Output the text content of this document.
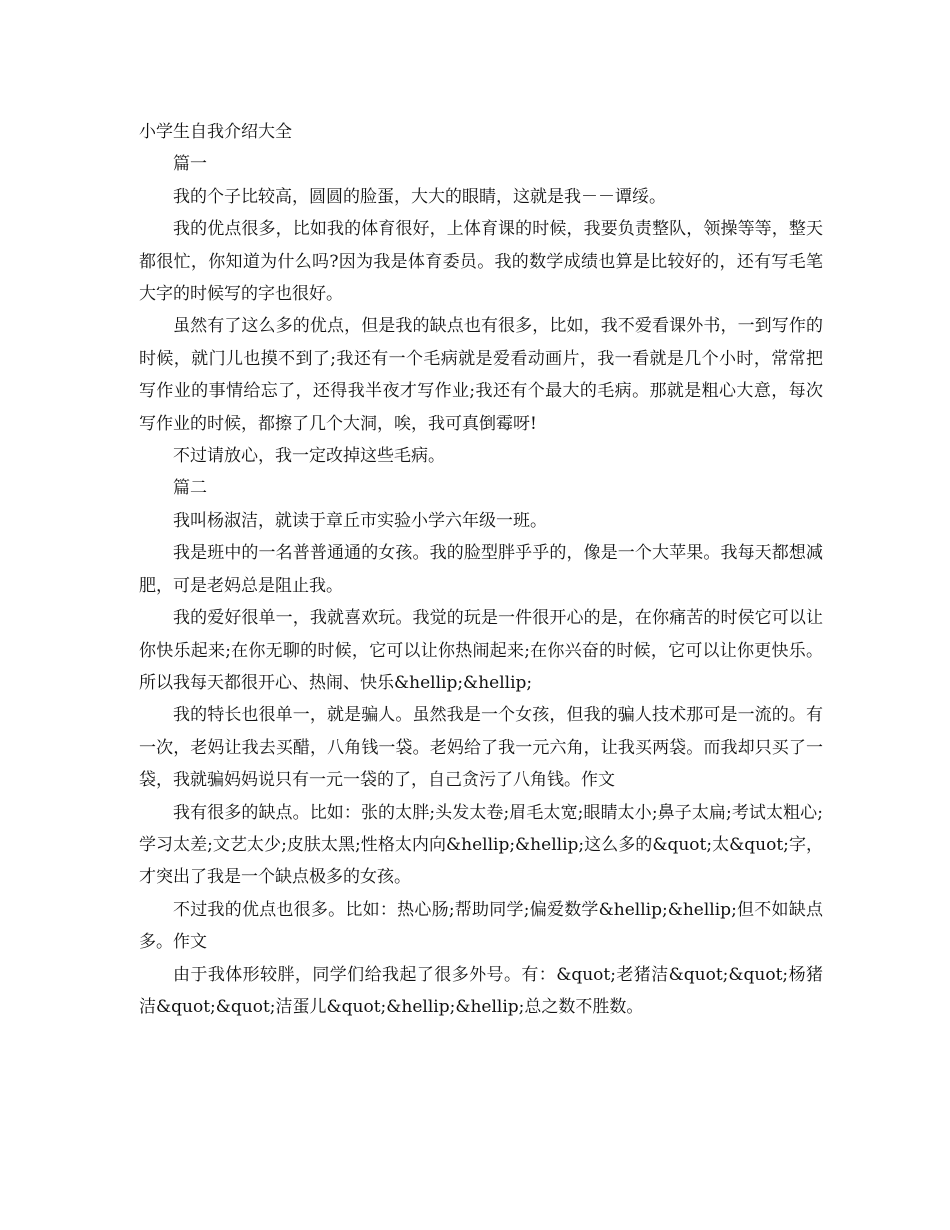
小学生自我介绍大全

篇一

我的个子比较高，圆圆的脸蛋，大大的眼睛，这就是我－－谭绥。

我的优点很多，比如我的体育很好，上体育课的时候，我要负责整队，领操等等，整天都很忙，你知道为什么吗?因为我是体育委员。我的数学成绩也算是比较好的，还有写毛笔大字的时候写的字也很好。

虽然有了这么多的优点，但是我的缺点也有很多，比如，我不爱看课外书，一到写作的时候，就门儿也摸不到了;我还有一个毛病就是爱看动画片，我一看就是几个小时，常常把写作业的事情给忘了，还得我半夜才写作业;我还有个最大的毛病。那就是粗心大意，每次写作业的时候，都擦了几个大洞，唉，我可真倒霉呀!

不过请放心，我一定改掉这些毛病。

篇二

我叫杨淑洁，就读于章丘市实验小学六年级一班。

我是班中的一名普普通通的女孩。我的脸型胖乎乎的，像是一个大苹果。我每天都想减肥，可是老妈总是阻止我。

我的爱好很单一，我就喜欢玩。我觉的玩是一件很开心的是，在你痛苦的时侯它可以让你快乐起来;在你无聊的时候，它可以让你热闹起来;在你兴奋的时候，它可以让你更快乐。所以我每天都很开心、热闹、快乐&hellip;&hellip;

我的特长也很单一，就是骗人。虽然我是一个女孩，但我的骗人技术那可是一流的。有一次，老妈让我去买醋，八角钱一袋。老妈给了我一元六角，让我买两袋。而我却只买了一袋，我就骗妈妈说只有一元一袋的了，自己贪污了八角钱。作文

我有很多的缺点。比如：张的太胖;头发太卷;眉毛太宽;眼睛太小;鼻子太扁;考试太粗心;学习太差;文艺太少;皮肤太黑;性格太内向&hellip;&hellip;这么多的&quot;太&quot;字，才突出了我是一个缺点极多的女孩。

不过我的优点也很多。比如：热心肠;帮助同学;偏爱数学&hellip;&hellip;但不如缺点多。作文

由于我体形较胖，同学们给我起了很多外号。有：&quot;老猪洁&quot;&quot;杨猪洁&quot;&quot;洁蛋儿&quot;&hellip;&hellip;总之数不胜数。
